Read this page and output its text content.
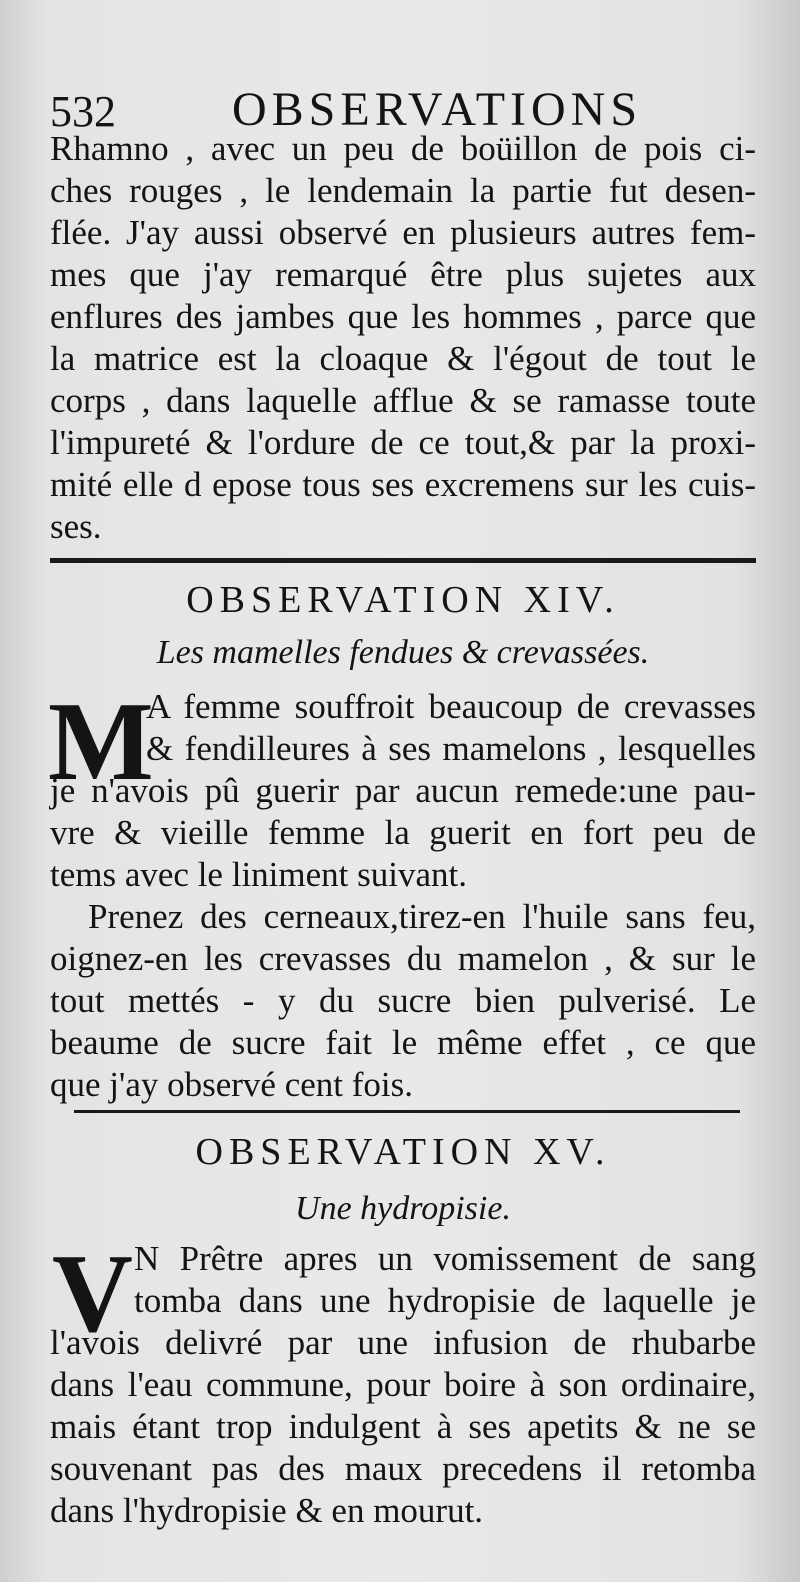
532 OBSERVATIONS
Rhamno , avec un peu de boüillon de pois ci-
ches rouges , le lendemain la partie fut desen-
flée. J'ay aussi observé en plusieurs autres fem-
mes que j'ay remarqué être plus sujetes aux
enflures des jambes que les hommes , parce que
la matrice est la cloaque & l'égout de tout le
corps , dans laquelle afflue & se ramasse toute
l'impureté & l'ordure de ce tout,& par la proxi-
mité elle d epose tous ses excremens sur les cuis-
ses.
OBSERVATION XIV.
Les mamelles fendues & crevassées.
M
A femme souffroit beaucoup de crevasses
& fendilleures à ses mamelons , lesquelles
je n'avois pû guerir par aucun remede:une pau-
vre & vieille femme la guerit en fort peu de
tems avec le liniment suivant.
Prenez des cerneaux,tirez-en l'huile sans feu,
oignez-en les crevasses du mamelon , & sur le
tout mettés - y du sucre bien pulverisé. Le
beaume de sucre fait le même effet , ce que
que j'ay observé cent fois.
OBSERVATION XV.
Une hydropisie.
V N Prêtre apres un vomissement de sang
tomba dans une hydropisie de laquelle je
l'avois delivré par une infusion de rhubarbe
dans l'eau commune, pour boire à son ordinaire,
mais étant trop indulgent à ses apetits & ne se
souvenant pas des maux precedens il retomba
dans l'hydropisie & en mourut.
